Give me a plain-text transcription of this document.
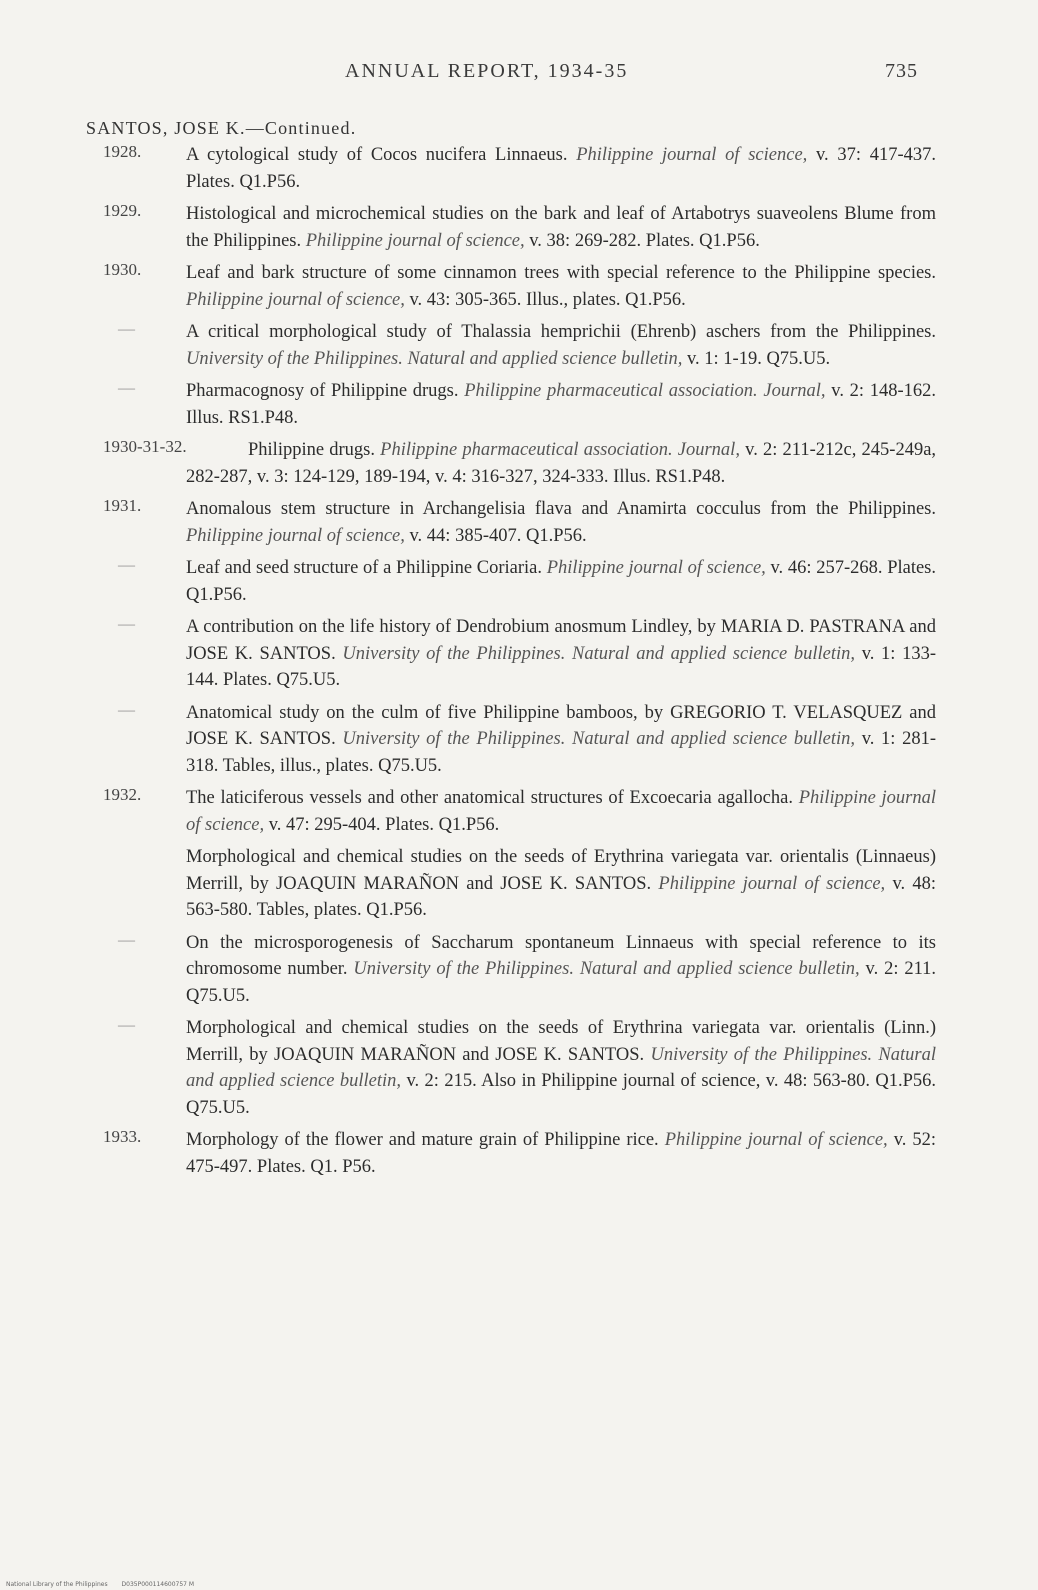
ANNUAL REPORT, 1934-35	735
SANTOS, JOSE K.—Continued.
1928. A cytological study of Cocos nucifera Linnaeus. Philippine journal of science, v. 37: 417-437. Plates. Q1.P56.
1929. Histological and microchemical studies on the bark and leaf of Artabotrys suaveolens Blume from the Philippines. Philippine journal of science, v. 38: 269-282. Plates. Q1.P56.
1930. Leaf and bark structure of some cinnamon trees with special reference to the Philippine species. Philippine journal of science, v. 43: 305-365. Illus., plates. Q1.P56.
—	A critical morphological study of Thalassia hemprichii (Ehrenb) aschers from the Philippines. University of the Philippines. Natural and applied science bulletin, v. 1: 1-19. Q75.U5.
—	Pharmacognosy of Philippine drugs. Philippine pharmaceutical association. Journal, v. 2: 148-162. Illus. RS1.P48.
1930-31-32.	Philippine drugs. Philippine pharmaceutical association. Journal, v. 2: 211-212c, 245-249a, 282-287, v. 3: 124-129, 189-194, v. 4: 316-327, 324-333. Illus. RS1.P48.
1931. Anomalous stem structure in Archangelisia flava and Anamirta cocculus from the Philippines. Philippine journal of science, v. 44: 385-407. Q1.P56.
—	Leaf and seed structure of a Philippine Coriaria. Philippine journal of science, v. 46: 257-268. Plates. Q1.P56.
—	A contribution on the life history of Dendrobium anosmum Lindley, by MARIA D. PASTRANA and JOSE K. SANTOS. University of the Philippines. Natural and applied science bulletin, v. 1: 133-144. Plates. Q75.U5.
—	Anatomical study on the culm of five Philippine bamboos, by GREGORIO T. VELASQUEZ and JOSE K. SANTOS. University of the Philippines. Natural and applied science bulletin, v. 1: 281-318. Tables, illus., plates. Q75.U5.
1932. The laticiferous vessels and other anatomical structures of Excoecaria agallocha. Philippine journal of science, v. 47: 295-404. Plates. Q1.P56.
Morphological and chemical studies on the seeds of Erythrina variegata var. orientalis (Linnaeus) Merrill, by JOAQUIN MARAÑON and JOSE K. SANTOS. Philippine journal of science, v. 48: 563-580. Tables, plates. Q1.P56.
—	On the microsporogenesis of Saccharum spontaneum Linnaeus with special reference to its chromosome number. University of the Philippines. Natural and applied science bulletin, v. 2: 211. Q75.U5.
—	Morphological and chemical studies on the seeds of Erythrina variegata var. orientalis (Linn.) Merrill, by JOAQUIN MARAÑON and JOSE K. SANTOS. University of the Philippines. Natural and applied science bulletin, v. 2: 215. Also in Philippine journal of science, v. 48: 563-80. Q1.P56. Q75.U5.
1933. Morphology of the flower and mature grain of Philippine rice. Philippine journal of science, v. 52: 475-497. Plates. Q1. P56.
National Library of the Philippines D035P000114600757 M
